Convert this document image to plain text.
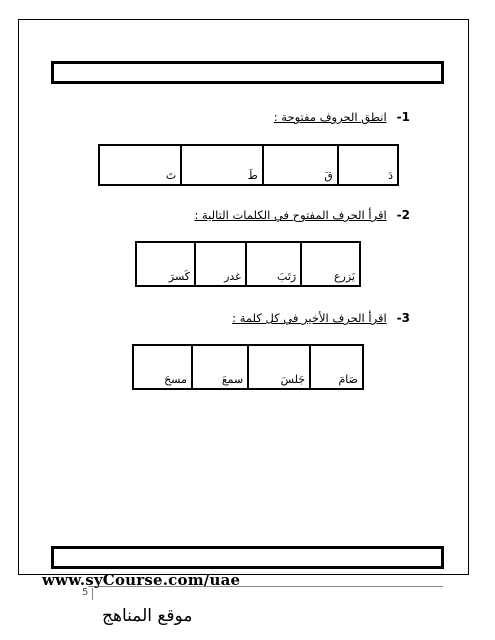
-1
انطق الحروف مفتوحة :
دَ	قَ	طَ	تَ
-2
اقرأ الحرف المفتوح في الكلمات التالية :
يَزرع	رَتَبَ	غدر	كَسرَ
-3
اقرأ الحرف الأخير في كل كلمة :
صَامَ	جَلسَ	سمعَ	مسحَ
5
www.syCourse.com/uae
موقع المناهج
